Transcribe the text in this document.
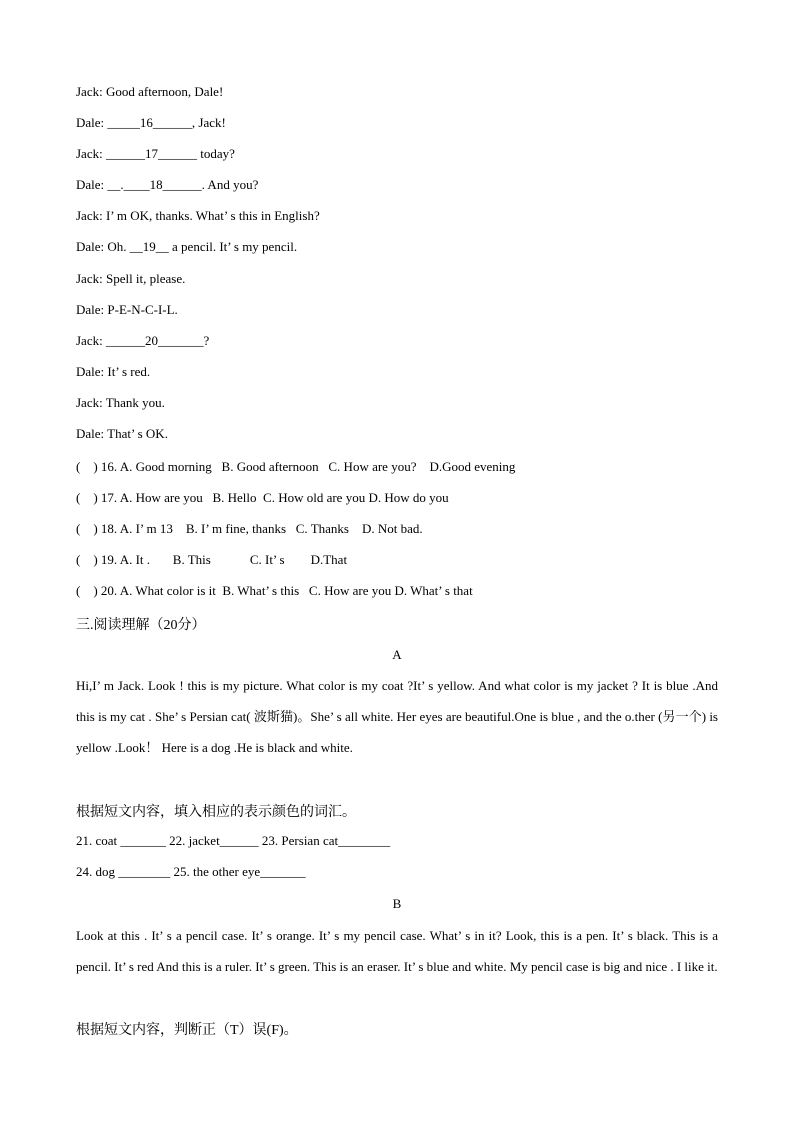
Jack: Good afternoon, Dale!
Dale: _____16______, Jack!
Jack: ______17______ today?
Dale: __.____18______. And you?
Jack: I’ m OK, thanks. What’ s this in English?
Dale: Oh. __19__ a pencil. It’ s my pencil.
Jack: Spell it, please.
Dale: P-E-N-C-I-L.
Jack: ______20_______?
Dale: It’ s red.
Jack: Thank you.
Dale: That’ s OK.
(    ) 16. A. Good morning   B. Good afternoon   C. How are you?    D.Good evening
(    ) 17. A. How are you   B. Hello  C. How old are you D. How do you
(    ) 18. A. I’ m 13    B. I’ m fine, thanks   C. Thanks    D. Not bad.
(    ) 19. A. It .       B. This            C. It’ s        D.That
(    ) 20. A. What color is it  B. What’ s this   C. How are you D. What’ s that
三.阅读理解（20分）
A
Hi,I’ m Jack. Look ! this is my picture. What color is my coat ?It’ s yellow. And what color is my jacket ? It is blue .And this is my cat . She’ s Persian cat( 波斯猫)。She’ s all white. Her eyes are beautiful.One is blue , and the o.ther (另一个) is yellow .Look！ Here is a dog .He is black and white.
根据短文内容，填入相应的表示颜色的词汇。
21. coat _______ 22. jacket______ 23. Persian cat________
24. dog ________ 25. the other eye_______
B
Look at this . It’ s a pencil case. It’ s orange. It’ s my pencil case. What’ s in it? Look, this is a pen. It’ s black. This is a pencil. It’ s red And this is a ruler. It’ s green. This is an eraser. It’ s blue and white. My pencil case is big and nice . I like it.
根据短文内容，判断正（T）误(F)。
